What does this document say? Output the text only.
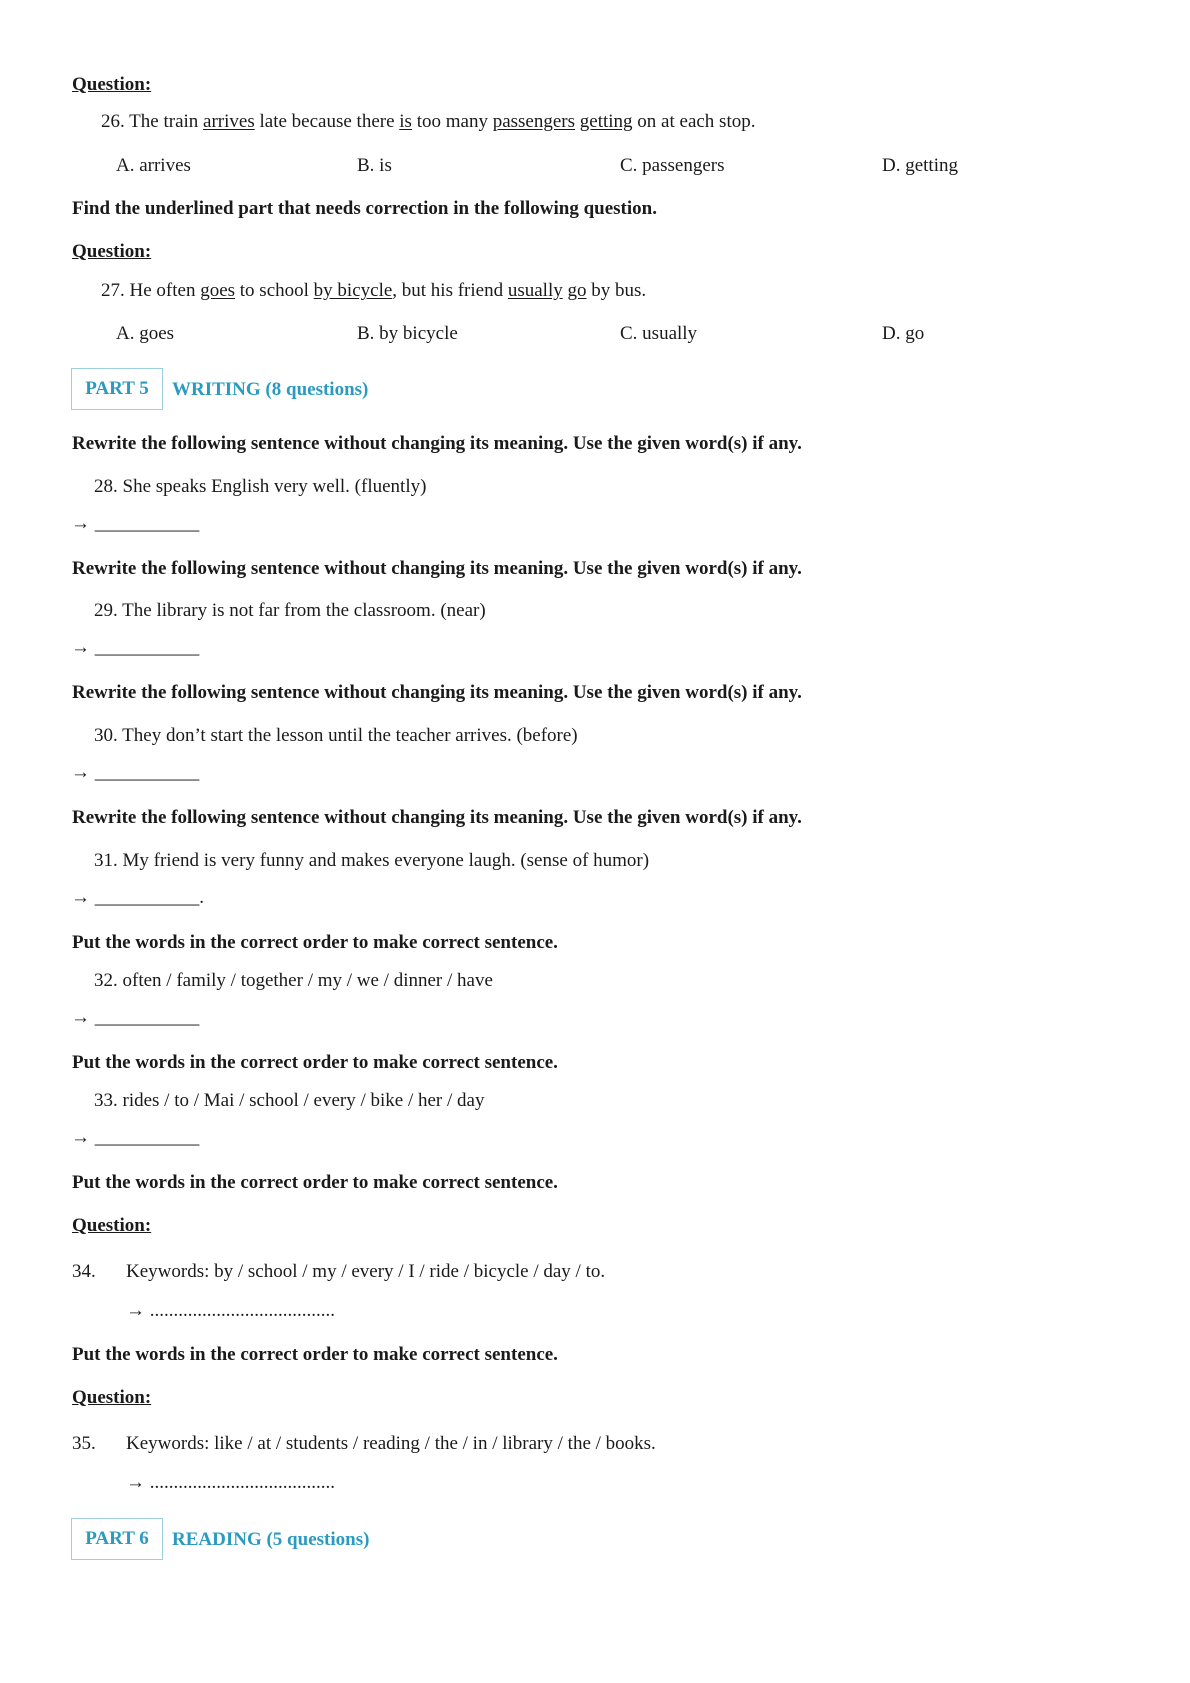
Question:
26. The train arrives late because there is too many passengers getting on at each stop.
A. arrives	B. is	C. passengers	D. getting
Find the underlined part that needs correction in the following question.
Question:
27. He often goes to school by bicycle, but his friend usually go by bus.
A. goes	B. by bicycle	C. usually	D. go
PART 5	WRITING (8 questions)
Rewrite the following sentence without changing its meaning. Use the given word(s) if any.
28. She speaks English very well. (fluently)
→ ___________
Rewrite the following sentence without changing its meaning. Use the given word(s) if any.
29. The library is not far from the classroom. (near)
→ ___________
Rewrite the following sentence without changing its meaning. Use the given word(s) if any.
30. They don’t start the lesson until the teacher arrives. (before)
→ ___________
Rewrite the following sentence without changing its meaning. Use the given word(s) if any.
31. My friend is very funny and makes everyone laugh. (sense of humor)
→ ___________.
Put the words in the correct order to make correct sentence.
32. often / family / together / my / we / dinner / have
→ ___________
Put the words in the correct order to make correct sentence.
33. rides / to / Mai / school / every / bike / her / day
→ ___________
Put the words in the correct order to make correct sentence.
Question:
34. Keywords: by / school / my / every / I / ride / bicycle / day / to.
→ .......................................
Put the words in the correct order to make correct sentence.
Question:
35. Keywords: like / at / students / reading / the / in / library / the / books.
→ .......................................
PART 6	READING (5 questions)
